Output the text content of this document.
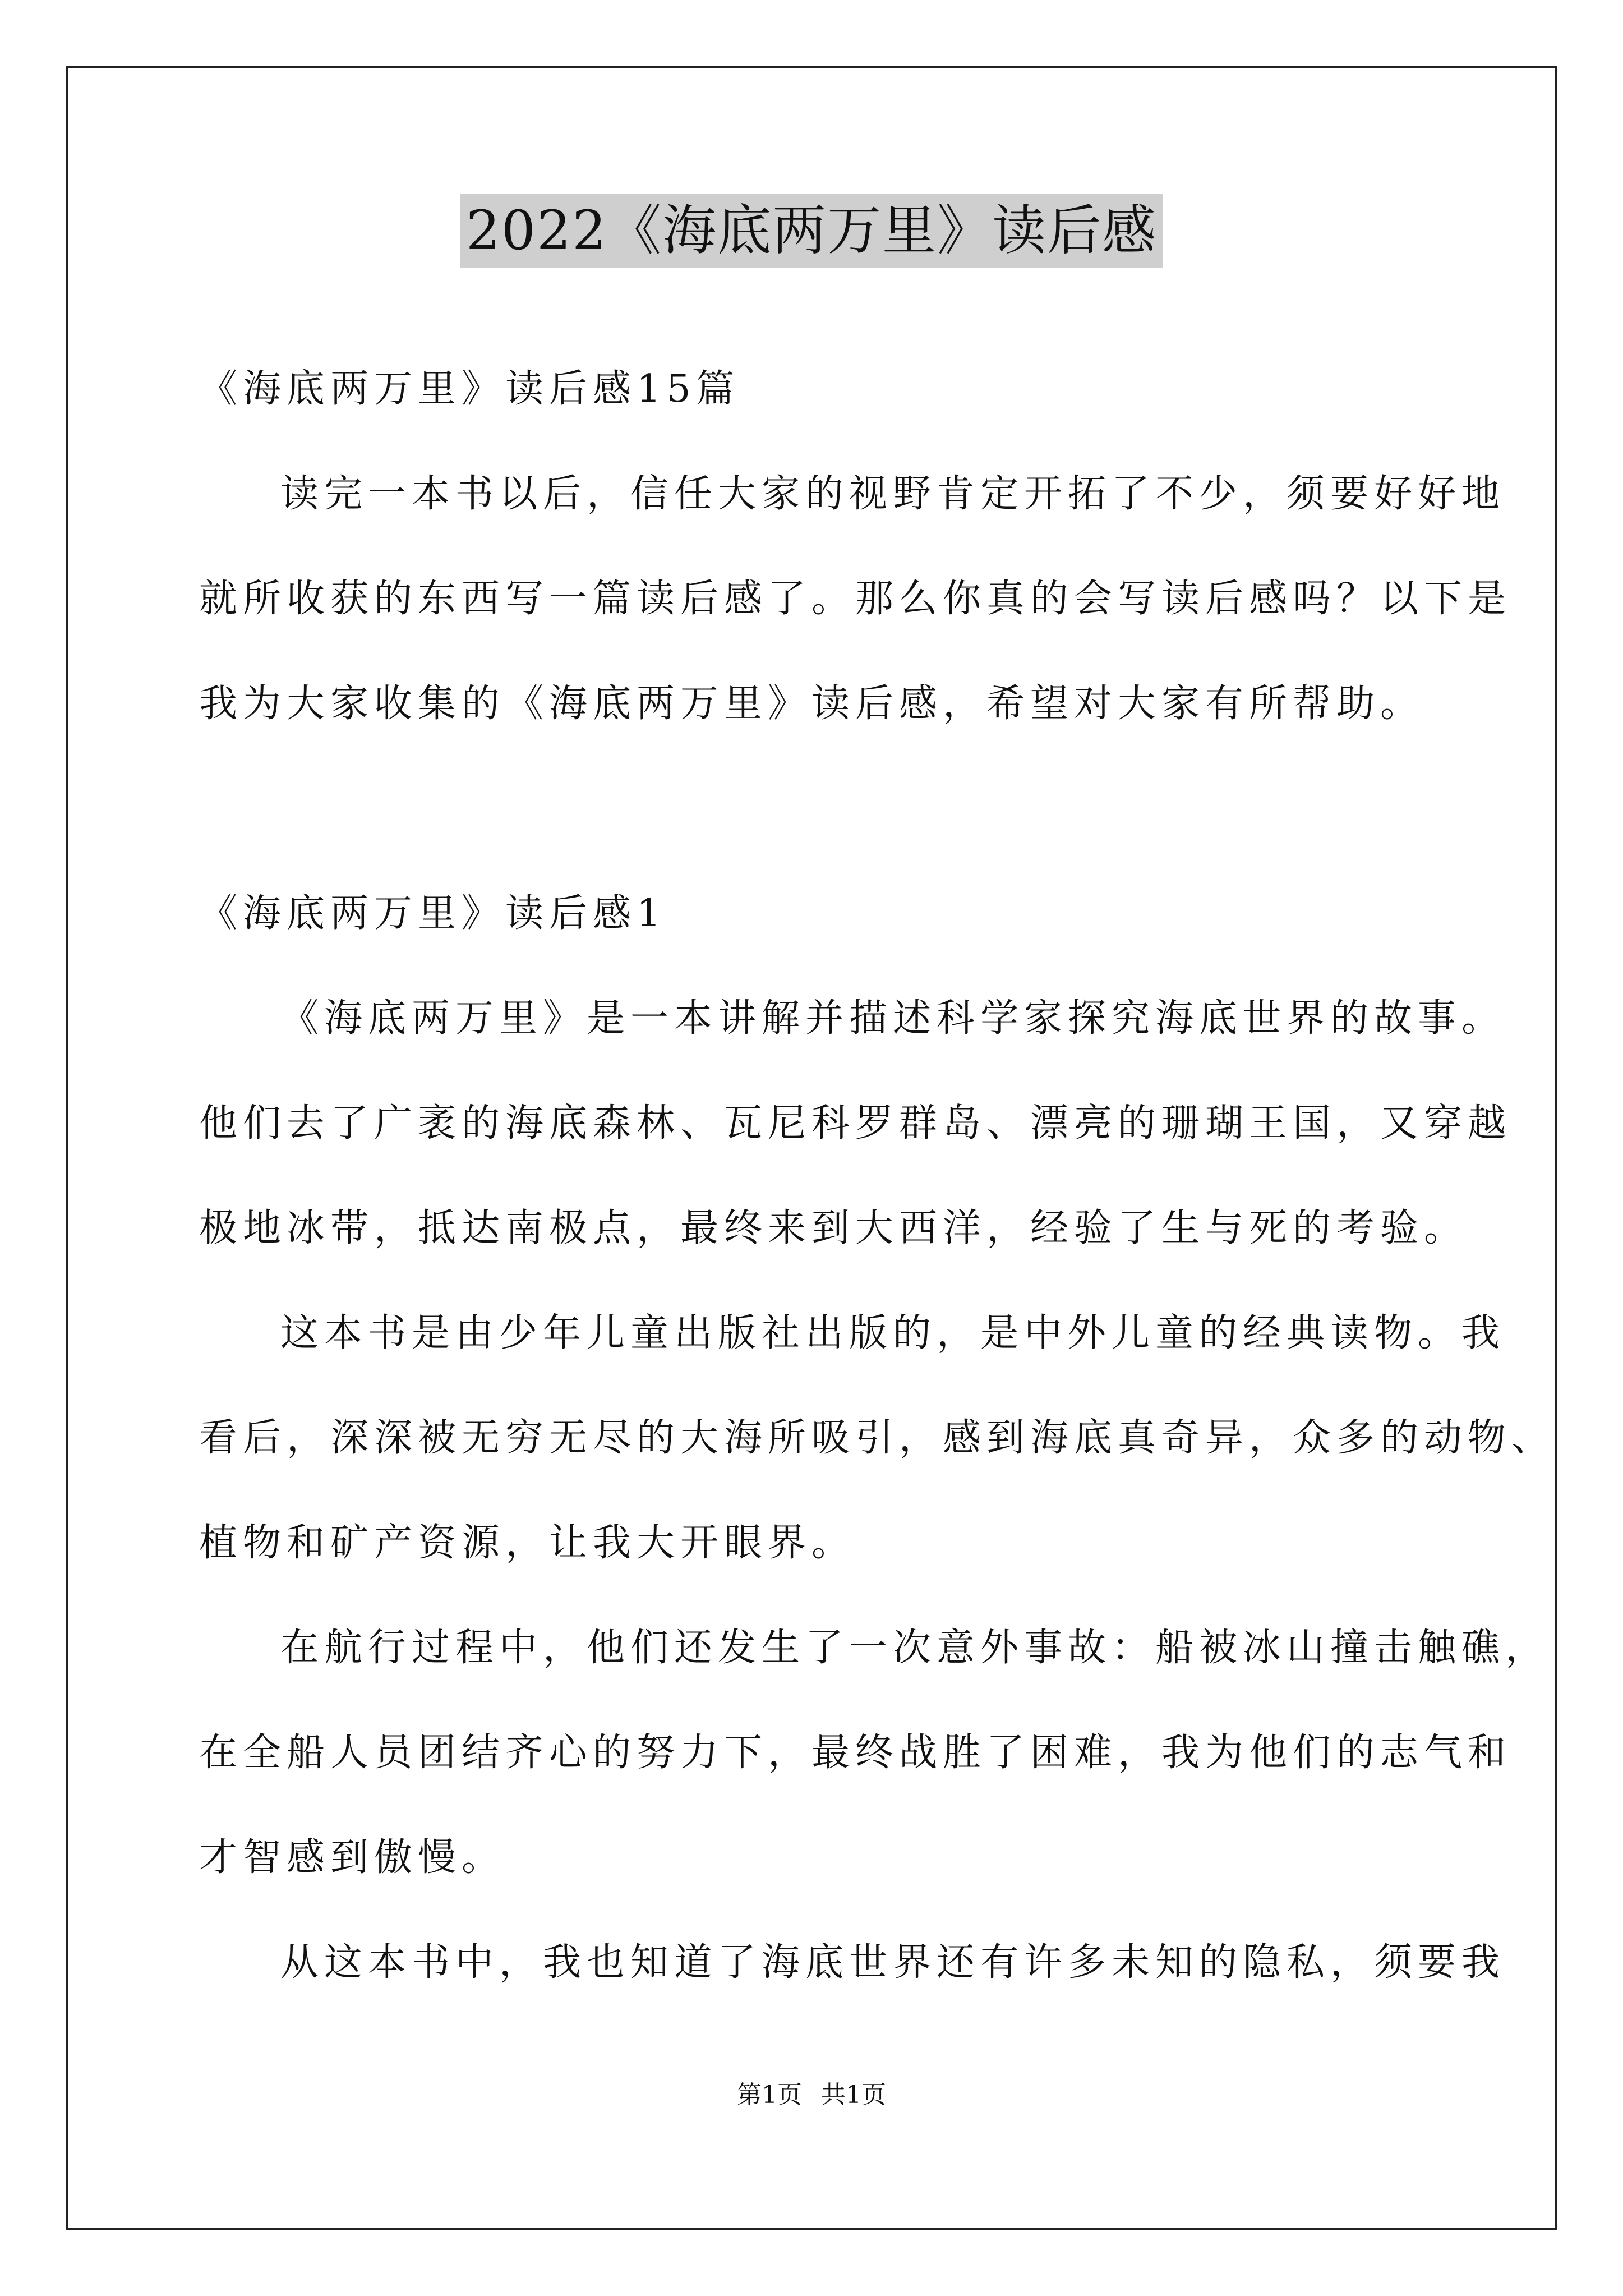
2022《海底两万里》读后感
《海底两万里》读后感15篇
读完一本书以后，信任大家的视野肯定开拓了不少，须要好好地
就所收获的东西写一篇读后感了。那么你真的会写读后感吗？以下是
我为大家收集的《海底两万里》读后感，希望对大家有所帮助。
《海底两万里》读后感1
《海底两万里》是一本讲解并描述科学家探究海底世界的故事。
他们去了广袤的海底森林、瓦尼科罗群岛、漂亮的珊瑚王国，又穿越
极地冰带，抵达南极点，最终来到大西洋，经验了生与死的考验。
这本书是由少年儿童出版社出版的，是中外儿童的经典读物。我
看后，深深被无穷无尽的大海所吸引，感到海底真奇异，众多的动物、
植物和矿产资源，让我大开眼界。
在航行过程中，他们还发生了一次意外事故：船被冰山撞击触礁，
在全船人员团结齐心的努力下，最终战胜了困难，我为他们的志气和
才智感到傲慢。
从这本书中，我也知道了海底世界还有许多未知的隐私，须要我
第1页 共1页
